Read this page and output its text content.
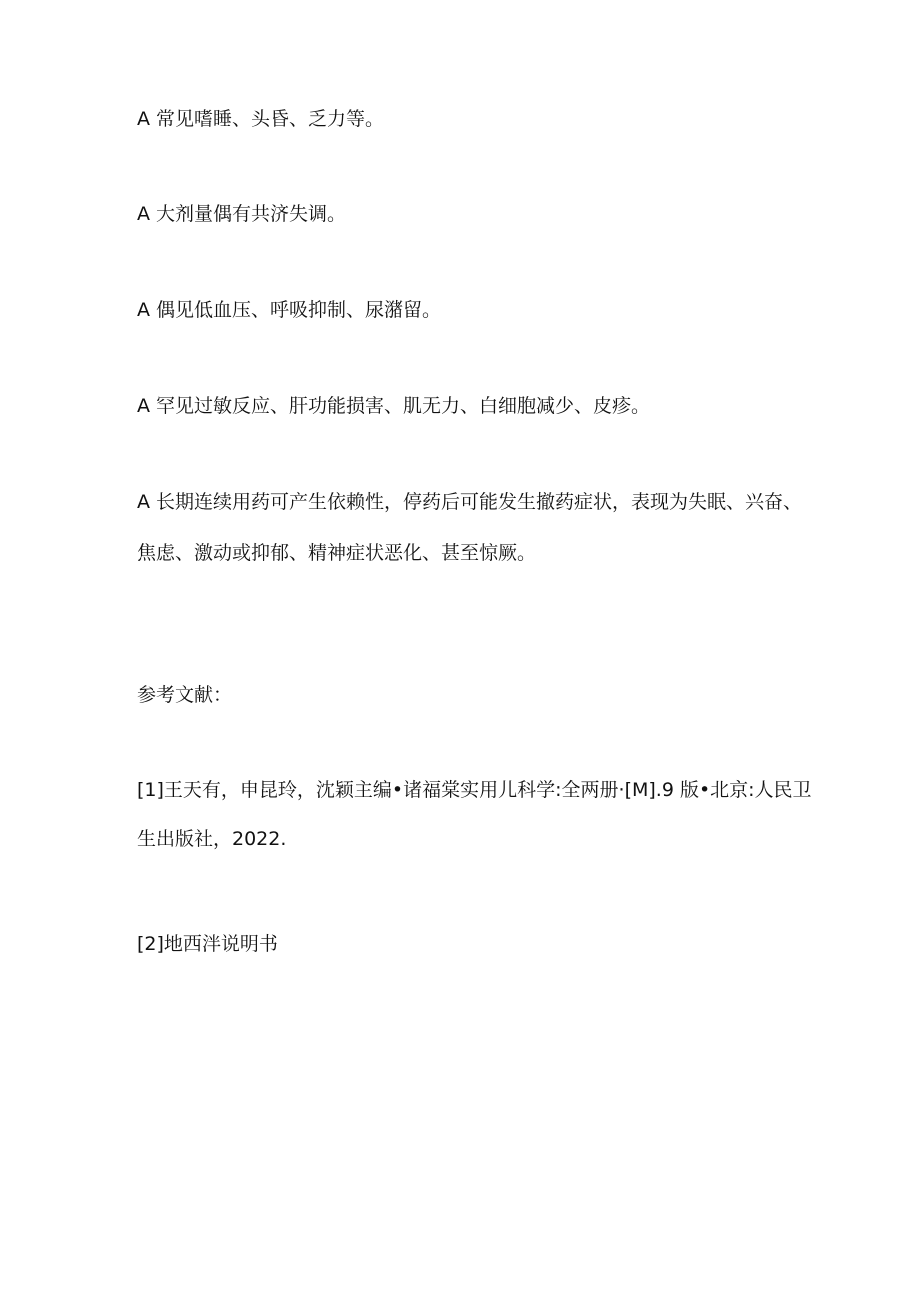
A 常见嗜睡、头昏、乏力等。
A 大剂量偶有共济失调。
A 偶见低血压、呼吸抑制、尿潴留。
A 罕见过敏反应、肝功能损害、肌无力、白细胞减少、皮疹。
A 长期连续用药可产生依赖性，停药后可能发生撤药症状，表现为失眠、兴奋、
焦虑、激动或抑郁、精神症状恶化、甚至惊厥。
参考文献：
[1]王天有，申昆玲，沈颖主编•诸福棠实用儿科学:全两册·[M].9 版•北京:人民卫
生出版社，2022.
[2]地西泮说明书
